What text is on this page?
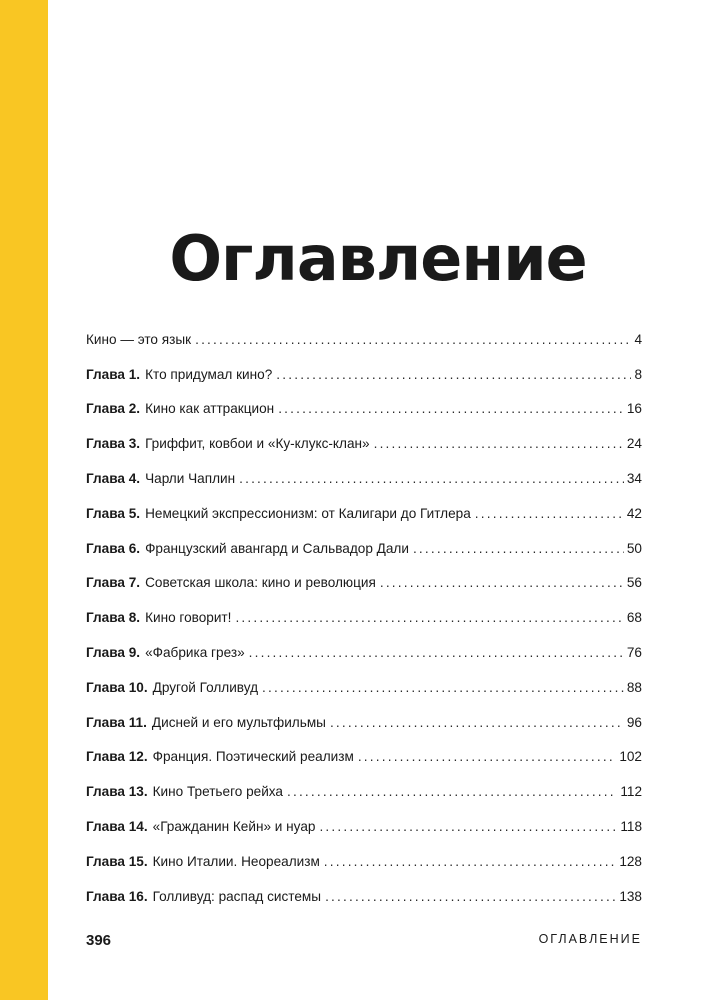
Оглавление
Кино — это язык .....	4
Глава 1. Кто придумал кино? .....	8
Глава 2. Кино как аттракцион .....	16
Глава 3. Гриффит, ковбои и «Ку-клукс-клан» .....	24
Глава 4. Чарли Чаплин .....	34
Глава 5. Немецкий экспрессионизм: от Калигари до Гитлера .....	42
Глава 6. Французский авангард и Сальвадор Дали .....	50
Глава 7. Советская школа: кино и революция .....	56
Глава 8. Кино говорит! .....	68
Глава 9. «Фабрика грез» .....	76
Глава 10. Другой Голливуд .....	88
Глава 11. Дисней и его мультфильмы .....	96
Глава 12. Франция. Поэтический реализм .....	102
Глава 13. Кино Третьего рейха .....	112
Глава 14. «Гражданин Кейн» и нуар .....	118
Глава 15. Кино Италии. Неореализм .....	128
Глава 16. Голливуд: распад системы .....	138
396	ОГЛАВЛЕНИЕ
